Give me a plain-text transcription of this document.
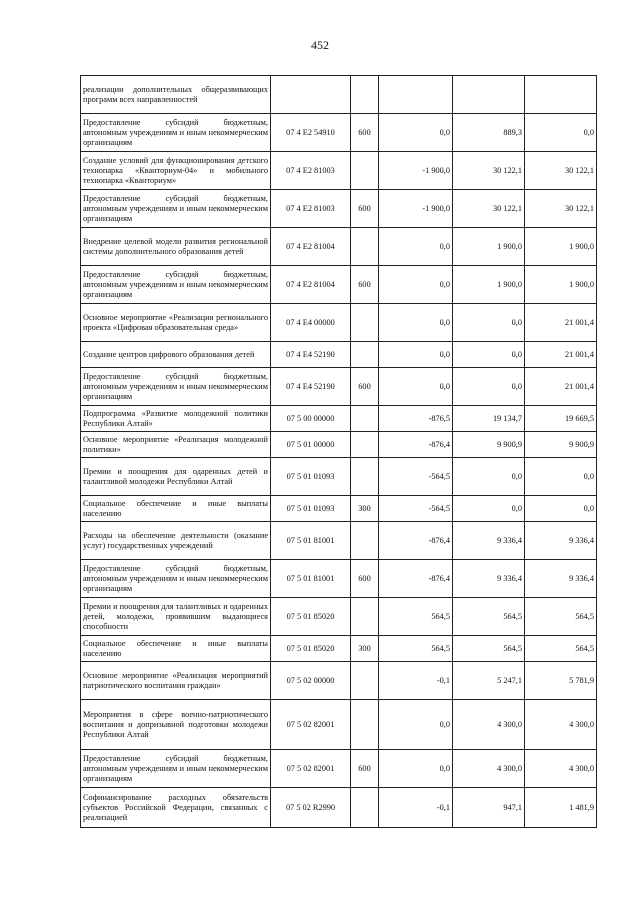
452
реализации дополнительных общеразвивающих программ всех направленностей					
Предоставление субсидий бюджетным, автономным учреждениям и иным некоммерческим организациям	07 4 E2 54910	600	0,0	889,3	0,0
Создание условий для функционирования детского технопарка «Кванториум-04» и мобильного технопарка «Кванториум»	07 4 E2 81003		-1 900,0	30 122,1	30 122,1
Предоставление субсидий бюджетным, автономным учреждениям и иным некоммерческим организациям	07 4 E2 81003	600	-1 900,0	30 122,1	30 122,1
Внедрение целевой модели развития региональной системы дополнительного образования детей	07 4 E2 81004		0,0	1 900,0	1 900,0
Предоставление субсидий бюджетным, автономным учреждениям и иным некоммерческим организациям	07 4 E2 81004	600	0,0	1 900,0	1 900,0
Основное мероприятие «Реализация регионального проекта «Цифровая образовательная среда»	07 4 E4 00000		0,0	0,0	21 001,4
Создание центров цифрового образования детей	07 4 E4 52190		0,0	0,0	21 001,4
Предоставление субсидий бюджетным, автономным учреждениям и иным некоммерческим организациям	07 4 E4 52190	600	0,0	0,0	21 001,4
Подпрограмма «Развитие молодежной политики Республики Алтай»	07 5 00 00000		-876,5	19 134,7	19 669,5
Основное мероприятие «Реализация молодежной политики»	07 5 01 00000		-876,4	9 900,9	9 900,9
Премии и поощрения для одаренных детей и талантливой молодежи Республики Алтай	07 5 01 01093		-564,5	0,0	0,0
Социальное обеспечение и иные выплаты населению	07 5 01 01093	300	-564,5	0,0	0,0
Расходы на обеспечение деятельности (оказание услуг) государственных учреждений	07 5 01 81001		-876,4	9 336,4	9 336,4
Предоставление субсидий бюджетным, автономным учреждениям и иным некоммерческим организациям	07 5 01 81001	600	-876,4	9 336,4	9 336,4
Премии и поощрения для талантливых и одаренных детей, молодежи, проявившим выдающиеся способности	07 5 01 85020		564,5	564,5	564,5
Социальное обеспечение и иные выплаты населению	07 5 01 85020	300	564,5	564,5	564,5
Основное мероприятие «Реализация мероприятий патриотического воспитания граждан»	07 5 02 00000		-0,1	5 247,1	5 781,9
Мероприятия в сфере военно-патриотического воспитания и допризывной подготовки молодежи Республики Алтай	07 5 02 82001		0,0	4 300,0	4 300,0
Предоставление субсидий бюджетным, автономным учреждениям и иным некоммерческим организациям	07 5 02 82001	600	0,0	4 300,0	4 300,0
Софинансирование расходных обязательств субъектов Российской Федерации, связанных с реализацией	07 5 02 R2990		-0,1	947,1	1 481,9
